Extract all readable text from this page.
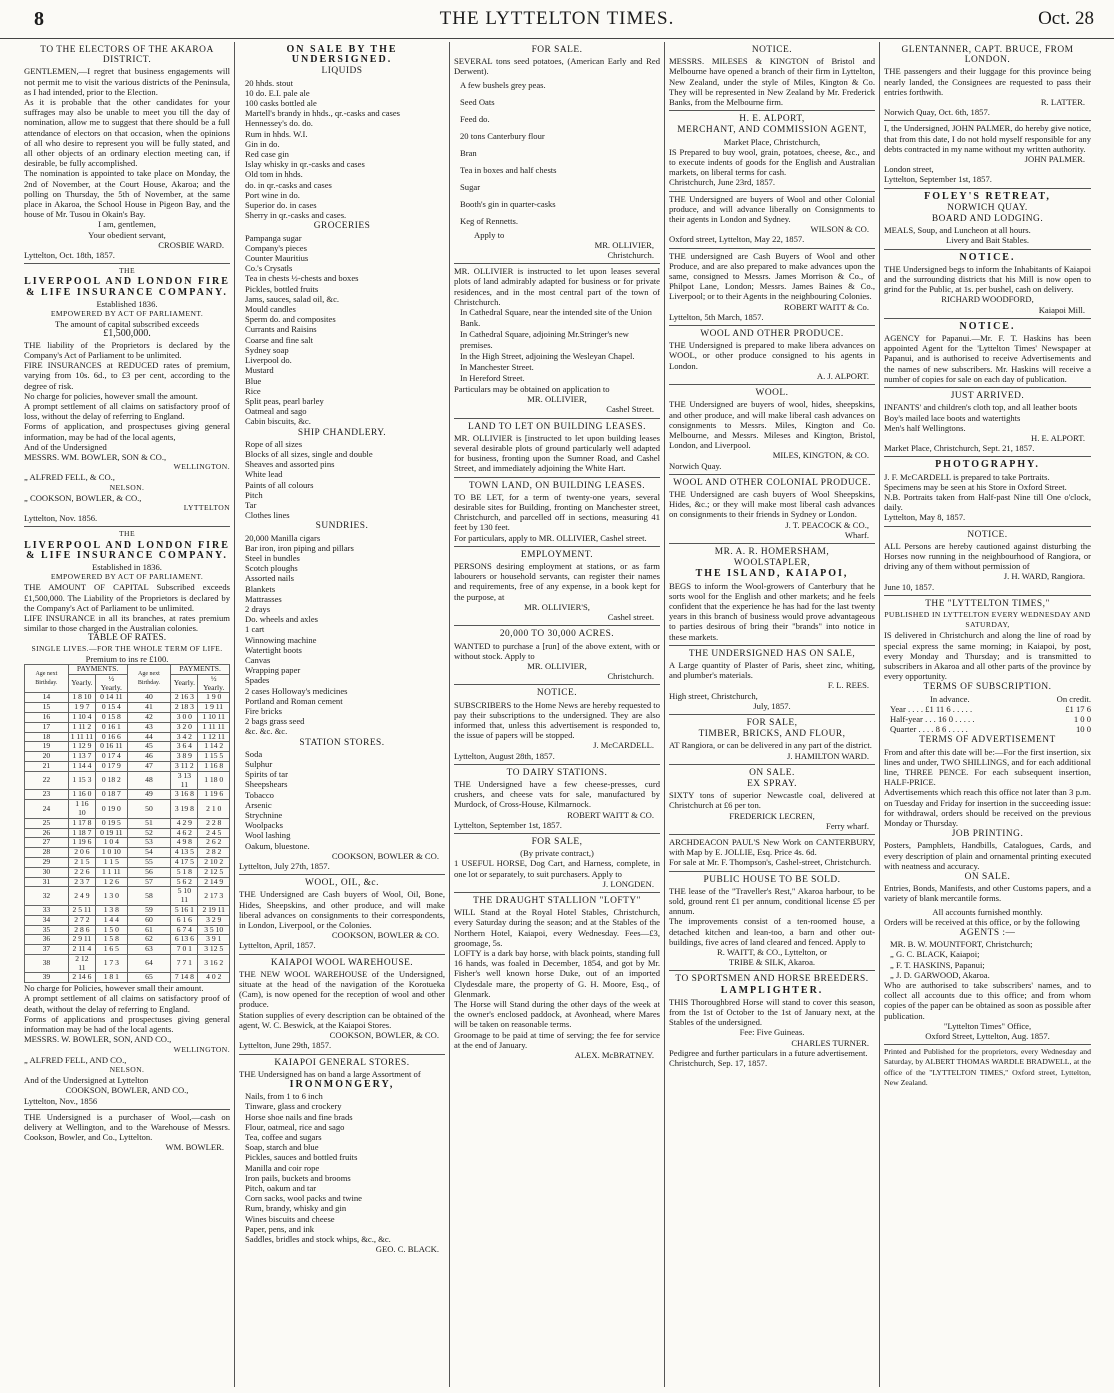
8	THE LYTTELTON TIMES.	Oct. 28
TO THE ELECTORS OF THE AKAROA DISTRICT.

GENTLEMEN,—I regret that business engagements will not permit me to visit the various districts of the Peninsula, as I had intended, prior to the Election.

As it is probable that the other candidates for your suffrages may also be unable to meet you till the day of nomination, allow me to suggest that there should be a full attendance of electors on that occasion, when the opinions of all who desire to represent you will be fully stated, and all other objects of an ordinary election meeting can, if desirable, be fully accomplished.

The nomination is appointed to take place on Monday, the 2nd of November, at the Court House, Akaroa; and the polling on Thursday, the 5th of November, at the same place in Akaroa, the School House in Pigeon Bay, and the house of Mr. Tusou in Okain's Bay.

I am, gentlemen,

Your obedient servant,

CROSBIE WARD.

Lyttelton, Oct. 18th, 1857.

THE
LIVERPOOL AND LONDON FIRE & LIFE INSURANCE COMPANY.

Established 1836.

EMPOWERED BY ACT OF PARLIAMENT.

The amount of capital subscribed exceeds

£1,500,000.

THE liability of the Proprietors is declared by the Company's Act of Parliament to be unlimited.

FIRE INSURANCES at REDUCED rates of premium, varying from 10s. 6d., to £3 per cent, according to the degree of risk.

No charge for policies, however small the amount.

A prompt settlement of all claims on satisfactory proof of loss, without the delay of referring to England.

Forms of application, and prospectuses giving general information, may be had of the local agents,

And of the Undersigned

MESSRS. WM. BOWLER, SON & CO.,

WELLINGTON.

„ ALFRED FELL, & CO.,

NELSON.

„ COOKSON, BOWLER, & CO.,

LYTTELTON

Lyttelton, Nov. 1856.

THE
LIVERPOOL AND LONDON FIRE & LIFE INSURANCE COMPANY.

Established in 1836.

EMPOWERED BY ACT OF PARLIAMENT.

THE AMOUNT OF CAPITAL Subscribed exceeds £1,500,000. The Liability of the Proprietors is declared by the Company's Act of Parliament to be unlimited.

LIFE INSURANCE in all its branches, at rates premium similar to those charged in the Australian colonies.

TABLE OF RATES.

SINGLE LIVES.—FOR THE WHOLE TERM OF LIFE.

Premium to ins re £100.

Age next Birthday.	PAYMENTS.		Age next Birthday.	PAYMENTS.	
	Yearly.	½ Yearly.		Yearly.	½ Yearly.
14	1 8 10	0 14 11	40	2 16 3	1 9 0
15	1 9 7	0 15 4	41	2 18 3	1 9 11
16	1 10 4	0 15 8	42	3 0 0	1 10 11
17	1 11 2	0 16 1	43	3 2 0	1 11 11
18	1 11 11	0 16 6	44	3 4 2	1 12 11
19	1 12 9	0 16 11	45	3 6 4	1 14 2
20	1 13 7	0 17 4	46	3 8 9	1 15 5
21	1 14 4	0 17 9	47	3 11 2	1 16 8
22	1 15 3	0 18 2	48	3 13 11	1 18 0
23	1 16 0	0 18 7	49	3 16 8	1 19 6
24	1 16 10	0 19 0	50	3 19 8	2 1 0
25	1 17 8	0 19 5	51	4 2 9	2 2 8
26	1 18 7	0 19 11	52	4 6 2	2 4 5
27	1 19 6	1 0 4	53	4 9 8	2 6 2
28	2 0 6	1 0 10	54	4 13 5	2 8 2
29	2 1 5	1 1 5	55	4 17 5	2 10 2
30	2 2 6	1 1 11	56	5 1 8	2 12 5
31	2 3 7	1 2 6	57	5 6 2	2 14 9
32	2 4 9	1 3 0	58	5 10 11	2 17 3
33	2 5 11	1 3 8	59	5 16 1	2 19 11
34	2 7 2	1 4 4	60	6 1 6	3 2 9
35	2 8 6	1 5 0	61	6 7 4	3 5 10
36	2 9 11	1 5 8	62	6 13 6	3 9 1
37	2 11 4	1 6 5	63	7 0 1	3 12 5
38	2 12 11	1 7 3	64	7 7 1	3 16 2
39	2 14 6	1 8 1	65	7 14 8	4 0 2

No charge for Policies, however small their amount.

A prompt settlement of all claims on satisfactory proof of death, without the delay of referring to England.

Forms of applications and prospectuses giving general information may be had of the local agents.

MESSRS. W. BOWLER, SON, AND CO.,

WELLINGTON.

„ ALFRED FELL, AND CO.,

NELSON.

And of the Undersigned at Lyttelton

COOKSON, BOWLER, AND CO.,

Lyttelton, Nov., 1856

THE Undersigned is a purchaser of Wool,—cash on delivery at Wellington, and to the Warehouse of Messrs. Cookson, Bowler, and Co., Lyttelton.

WM. BOWLER.

ON SALE BY THE UNDERSIGNED.
LIQUIDS
20 hhds. stout
10 do. E.I. pale ale
100 casks bottled ale
Martell's brandy in hhds., qr.-casks and cases
Hennessey's do. do.
Rum in hhds. W.I.
Gin in do.
Red case gin
Islay whisky in qr.-casks and cases
Old tom in hhds.
do. in qr.-casks and cases
Port wine in do.
Superior do. in cases
Sherry in qr.-casks and cases.
GROCERIES
Pampanga sugar
Company's pieces
Counter Mauritius
Co.'s Crysatls
Tea in chests ½-chests and boxes
Pickles, bottled fruits
Jams, sauces, salad oil, &c.
Mould candles
Sperm do. and composites
Currants and Raisins
Coarse and fine salt
Sydney soap
Liverpool do.
Mustard
Blue
Rice
Split peas, pearl barley
Oatmeal and sago
Cabin biscuits, &c.
SHIP CHANDLERY.
Rope of all sizes
Blocks of all sizes, single and double
Sheaves and assorted pins
White lead
Paints of all colours
Pitch
Tar
Clothes lines
SUNDRIES.
20,000 Manilla cigars
Bar iron, iron piping and pillars
Steel in bundles
Scotch ploughs
Assorted nails
Blankets
Mattrasses
2 drays
Do. wheels and axles
1 cart
Winnowing machine
Watertight boots
Canvas
Wrapping paper
Spades
2 cases Holloway's medicines
Portland and Roman cement
Fire bricks
2 bags grass seed
&c. &c. &c.
STATION STORES.
Soda
Sulphur
Spirits of tar
Sheepshears
Tobacco
Arsenic
Strychnine
Woolpacks
Wool lashing
Oakum, bluestone.

COOKSON, BOWLER & CO.

Lyttelton, July 27th, 1857.

WOOL, OIL, &c.

THE Undersigned are Cash buyers of Wool, Oil, Bone, Hides, Sheepskins, and other produce, and will make liberal advances on consignments to their correspondents, in London, Liverpool, or the Colonies.

COOKSON, BOWLER & CO.

Lyttelton, April, 1857.

KAIAPOI WOOL WAREHOUSE.

THE NEW WOOL WAREHOUSE of the Undersigned, situate at the head of the navigation of the Korotueka (Cam), is now opened for the reception of wool and other produce.

Station supplies of every description can be obtained of the agent, W. C. Beswick, at the Kaiapoi Stores.

COOKSON, BOWLER, & CO.

Lyttelton, June 29th, 1857.

KAIAPOI GENERAL STORES.

THE Undersigned has on band a large Assortment of

IRONMONGERY,
Nails, from 1 to 6 inch
Tinware, glass and crockery
Horse shoe nails and fine brads
Flour, oatmeal, rice and sago
Tea, coffee and sugars
Soap, starch and blue
Pickles, sauces and bottled fruits
Manilla and coir rope
Iron pails, buckets and brooms
Pitch, oakum and tar
Corn sacks, wool packs and twine
Rum, brandy, whisky and gin
Wines biscuits and cheese
Paper, pens, and ink
Saddles, bridles and stock whips, &c., &c.

GEO. C. BLACK.

FOR SALE.

SEVERAL tons seed potatoes, (American Early and Red Derwent).

A few bushels grey peas.
Seed Oats
Feed do.
20 tons Canterbury flour
Bran
Tea in boxes and half chests
Sugar
Booth's gin in quarter-casks
Keg of Rennetts.

Apply to

MR. OLLIVIER,

Christchurch.

MR. OLLIVIER is instructed to let upon leases several plots of land admirably adapted for business or for private residences, and in the most central part of the town of Christchurch.

In Cathedral Square, near the intended site of the Union Bank.
In Cathedral Square, adjoining Mr.Stringer's new premises.
In the High Street, adjoining the Wesleyan Chapel.
In Manchester Street.
In Hereford Street.

Particulars may be obtained on application to

MR. OLLIVIER,

Cashel Street.

LAND TO LET ON BUILDING LEASES.

MR. OLLIVIER is [instructed to let upon building leases several desirable plots of ground particularly well adapted for business, fronting upon the Sumner Road, and Cashel Street, and immediately adjoining the White Hart.

TOWN LAND, ON BUILDING LEASES.

TO BE LET, for a term of twenty-one years, several desirable sites for Building, fronting on Manchester street, Christchurch, and parcelled off in sections, measuring 41 feet by 130 feet.

For particulars, apply to MR. OLLIVIER, Cashel street.

EMPLOYMENT.

PERSONS desiring employment at stations, or as farm labourers or household servants, can register their names and requirements, free of any expense, in a book kept for the purpose, at

MR. OLLIVIER'S,

Cashel street.

20,000 TO 30,000 ACRES.

WANTED to purchase a [run] of the above extent, with or without stock. Apply to

MR. OLLIVIER,

Christchurch.

NOTICE.

SUBSCRIBERS to the Home News are hereby requested to pay their subscriptions to the undersigned. They are also informed that, unless this advertisement is responded to, the issue of papers will be stopped.

J. McCARDELL.

Lyttelton, August 28th, 1857.

TO DAIRY STATIONS.

THE Undersigned have a few cheese-presses, curd crushers, and cheese vats for sale, manufactured by Murdock, of Cross-House, Kilmarnock.

ROBERT WAITT & CO.

Lyttelton, September 1st, 1857.

FOR SALE,

(By private contract,)

1 USEFUL HORSE, Dog Cart, and Harness, complete, in one lot or separately, to suit purchasers. Apply to

J. LONGDEN.

THE DRAUGHT STALLION "LOFTY"

WILL Stand at the Royal Hotel Stables, Christchurch, every Saturday during the season; and at the Stables of the Northern Hotel, Kaiapoi, every Wednesday. Fees—£3, groomage, 5s.

LOFTY is a dark bay horse, with black points, standing full 16 hands, was foaled in December, 1854, and got by Mr. Fisher's well known horse Duke, out of an imported Clydesdale mare, the property of G. H. Moore, Esq., of Glenmark.

The Horse will Stand during the other days of the week at the owner's enclosed paddock, at Avonhead, where Mares will be taken on reasonable terms.

Groomage to be paid at time of serving; the fee for service at the end of January.

ALEX. McBRATNEY.

NOTICE.

MESSRS. MILESES & KINGTON of Bristol and Melbourne have opened a branch of their firm in Lyttelton, New Zealand, under the style of Miles, Kington & Co. They will be represented in New Zealand by Mr. Frederick Banks, from the Melbourne firm.

H. E. ALPORT,
MERCHANT, AND COMMISSION AGENT,

Market Place, Christchurch,

IS Prepared to buy wool, grain, potatoes, cheese, &c., and to execute indents of goods for the English and Australian markets, on liberal terms for cash.

Christchurch, June 23rd, 1857.

THE Undersigned are buyers of Wool and other Colonial produce, and will advance liberally on Consignments to their agents in London and Sydney.

WILSON & CO.

Oxford street, Lyttelton, May 22, 1857.

THE undersigned are Cash Buyers of Wool and other Produce, and are also prepared to make advances upon the same, consigned to Messrs. James Morrison & Co., of Philpot Lane, London; Messrs. James Baines & Co., Liverpool; or to their Agents in the neighbouring Colonies.

ROBERT WAITT & Co.

Lyttelton, 5th March, 1857.

WOOL AND OTHER PRODUCE.

THE Undersigned is prepared to make libera advances on WOOL, or other produce consigned to his agents in London.

A. J. ALPORT.

WOOL.

THE Undersigned are buyers of wool, hides, sheepskins, and other produce, and will make liberal cash advances on consignments to Messrs. Miles, Kington and Co. Melbourne, and Messrs. Mileses and Kington, Bristol, London, and Liverpool.

MILES, KINGTON, & CO.

Norwich Quay.

WOOL AND OTHER COLONIAL PRODUCE.

THE Undersigned are cash buyers of Wool Sheepskins, Hides, &c.; or they will make most liberal cash advances on consignments to their friends in Sydney or London.

J. T. PEACOCK & CO.,

Wharf.

MR. A. R. HOMERSHAM,
WOOLSTAPLER,
THE ISLAND, KAIAPOI,

BEGS to inform the Wool-growers of Canterbury that he sorts wool for the English and other markets; and he feels confident that the experience he has had for the last twenty years in this branch of business would prove advantageous to parties desirous of bring their "brands" into notice in these markets.

THE UNDERSIGNED HAS ON SALE,

A Large quantity of Plaster of Paris, sheet zinc, whiting, and plumber's materials.

F. L. REES.

High street, Christchurch,

July, 1857.

FOR SALE,
TIMBER, BRICKS, AND FLOUR,

AT Rangiora, or can be delivered in any part of the district.

J. HAMILTON WARD.

ON SALE.
EX SPRAY.

SIXTY tons of superior Newcastle coal, delivered at Christchurch at £6 per ton.

FREDERICK LECREN,

Ferry wharf.

ARCHDEACON PAUL'S New Work on CANTERBURY, with Map by E. JOLLIE, Esq. Price 4s. 6d.

For sale at Mr. F. Thompson's, Cashel-street, Christchurch.

PUBLIC HOUSE TO BE SOLD.

THE lease of the "Traveller's Rest," Akaroa harbour, to be sold, ground rent £1 per annum, conditional license £5 per annum.

The improvements consist of a ten-roomed house, a detached kitchen and lean-too, a barn and other out-buildings, five acres of land cleared and fenced. Apply to

R. WAITT, & CO., Lyttelton, or

TRIBE & SILK, Akaroa.

TO SPORTSMEN AND HORSE BREEDERS.
LAMPLIGHTER.

THIS Thoroughbred Horse will stand to cover this season, from the 1st of October to the 1st of January next, at the Stables of the undersigned.

Fee: Five Guineas.

CHARLES TURNER.

Pedigree and further particulars in a future advertisement.

Christchurch, Sep. 17, 1857.

GLENTANNER, CAPT. BRUCE, FROM LONDON.

THE passengers and their luggage for this province being nearly landed, the Consignees are requested to pass their entries forthwith.

R. LATTER.

Norwich Quay, Oct. 6th, 1857.

I, the Undersigned, JOHN PALMER, do hereby give notice, that from this date, I do not hold myself responsible for any debts contracted in my name without my written authority.

JOHN PALMER.

London street,

Lyttelton, September 1st, 1857.

FOLEY'S RETREAT,
NORWICH QUAY.
BOARD AND LODGING.

MEALS, Soup, and Luncheon at all hours.

Livery and Bait Stables.

NOTICE.

THE Undersigned begs to inform the Inhabitants of Kaiapoi and the surrounding districts that his Mill is now open to grind for the Public, at 1s. per bushel, cash on delivery.

RICHARD WOODFORD,

Kaiapoi Mill.

NOTICE.

AGENCY for Papanui.—Mr. F. T. Haskins has been appointed Agent for the 'Lyttelton Times' Newspaper at Papanui, and is authorised to receive Advertisements and the names of new subscribers. Mr. Haskins will receive a number of copies for sale on each day of publication.

JUST ARRIVED.

INFANTS' and children's cloth top, and all leather boots

Boy's mailed lace boots and watertights

Men's half Wellingtons.

H. E. ALPORT.

Market Place, Christchurch, Sept. 21, 1857.

PHOTOGRAPHY.

J. F. McCARDELL is prepared to take Portraits.

Specimens may be seen at his Store in Oxford Street.

N.B. Portraits taken from Half-past Nine till One o'clock, daily.

Lyttelton, May 8, 1857.

NOTICE.

ALL Persons are hereby cautioned against disturbing the Horses now running in the neighbourhood of Rangiora, or driving any of them without permission of

J. H. WARD, Rangiora.

June 10, 1857.

THE "LYTTELTON TIMES,"
PUBLISHED IN LYTTELTON EVERY WEDNESDAY AND SATURDAY,

IS delivered in Christchurch and along the line of road by special express the same morning; in Kaiapoi, by post, every Monday and Thursday; and is transmitted to subscribers in Akaroa and all other parts of the province by every opportunity.

TERMS OF SUBSCRIPTION.
In advance.	On credit.
Year . . . . £1 11 6 . . . . .	£1 17 6
Half-year . . . 16 0 . . . . .	1 0 0
Quarter . . . . 8 6 . . . . .	10 0
TERMS OF ADVERTISEMENT

From and after this date will be:—For the first insertion, six lines and under, TWO SHILLINGS, and for each additional line, THREE PENCE. For each subsequent insertion, HALF-PRICE.

Advertisements which reach this office not later than 3 p.m. on Tuesday and Friday for insertion in the succeeding issue: for withdrawal, orders should be received on the previous Monday or Thursday.

JOB PRINTING.

Posters, Pamphlets, Handbills, Catalogues, Cards, and every description of plain and ornamental printing executed with neatness and accuracy.

ON SALE.

Entries, Bonds, Manifests, and other Customs papers, and a variety of blank mercantile forms.

All accounts furnished monthly.

Orders will be received at this office, or by the following

AGENTS :—
MR. B. W. MOUNTFORT, Christchurch;
„ G. C. BLACK, Kaiapoi;
„ F. T. HASKINS, Papanui;
„ J. D. GARWOOD, Akaroa.

Who are authorised to take subscribers' names, and to collect all accounts due to this office; and from whom copies of the paper can be obtained as soon as possible after publication.

"Lyttelton Times" Office,

Oxford Street, Lyttelton, Aug. 1857.

Printed and Published for the proprietors, every Wednesday and Saturday, by ALBERT THOMAS WARDLE BRADWELL, at the office of the "LYTTELTON TIMES," Oxford street, Lyttelton, New Zealand.
